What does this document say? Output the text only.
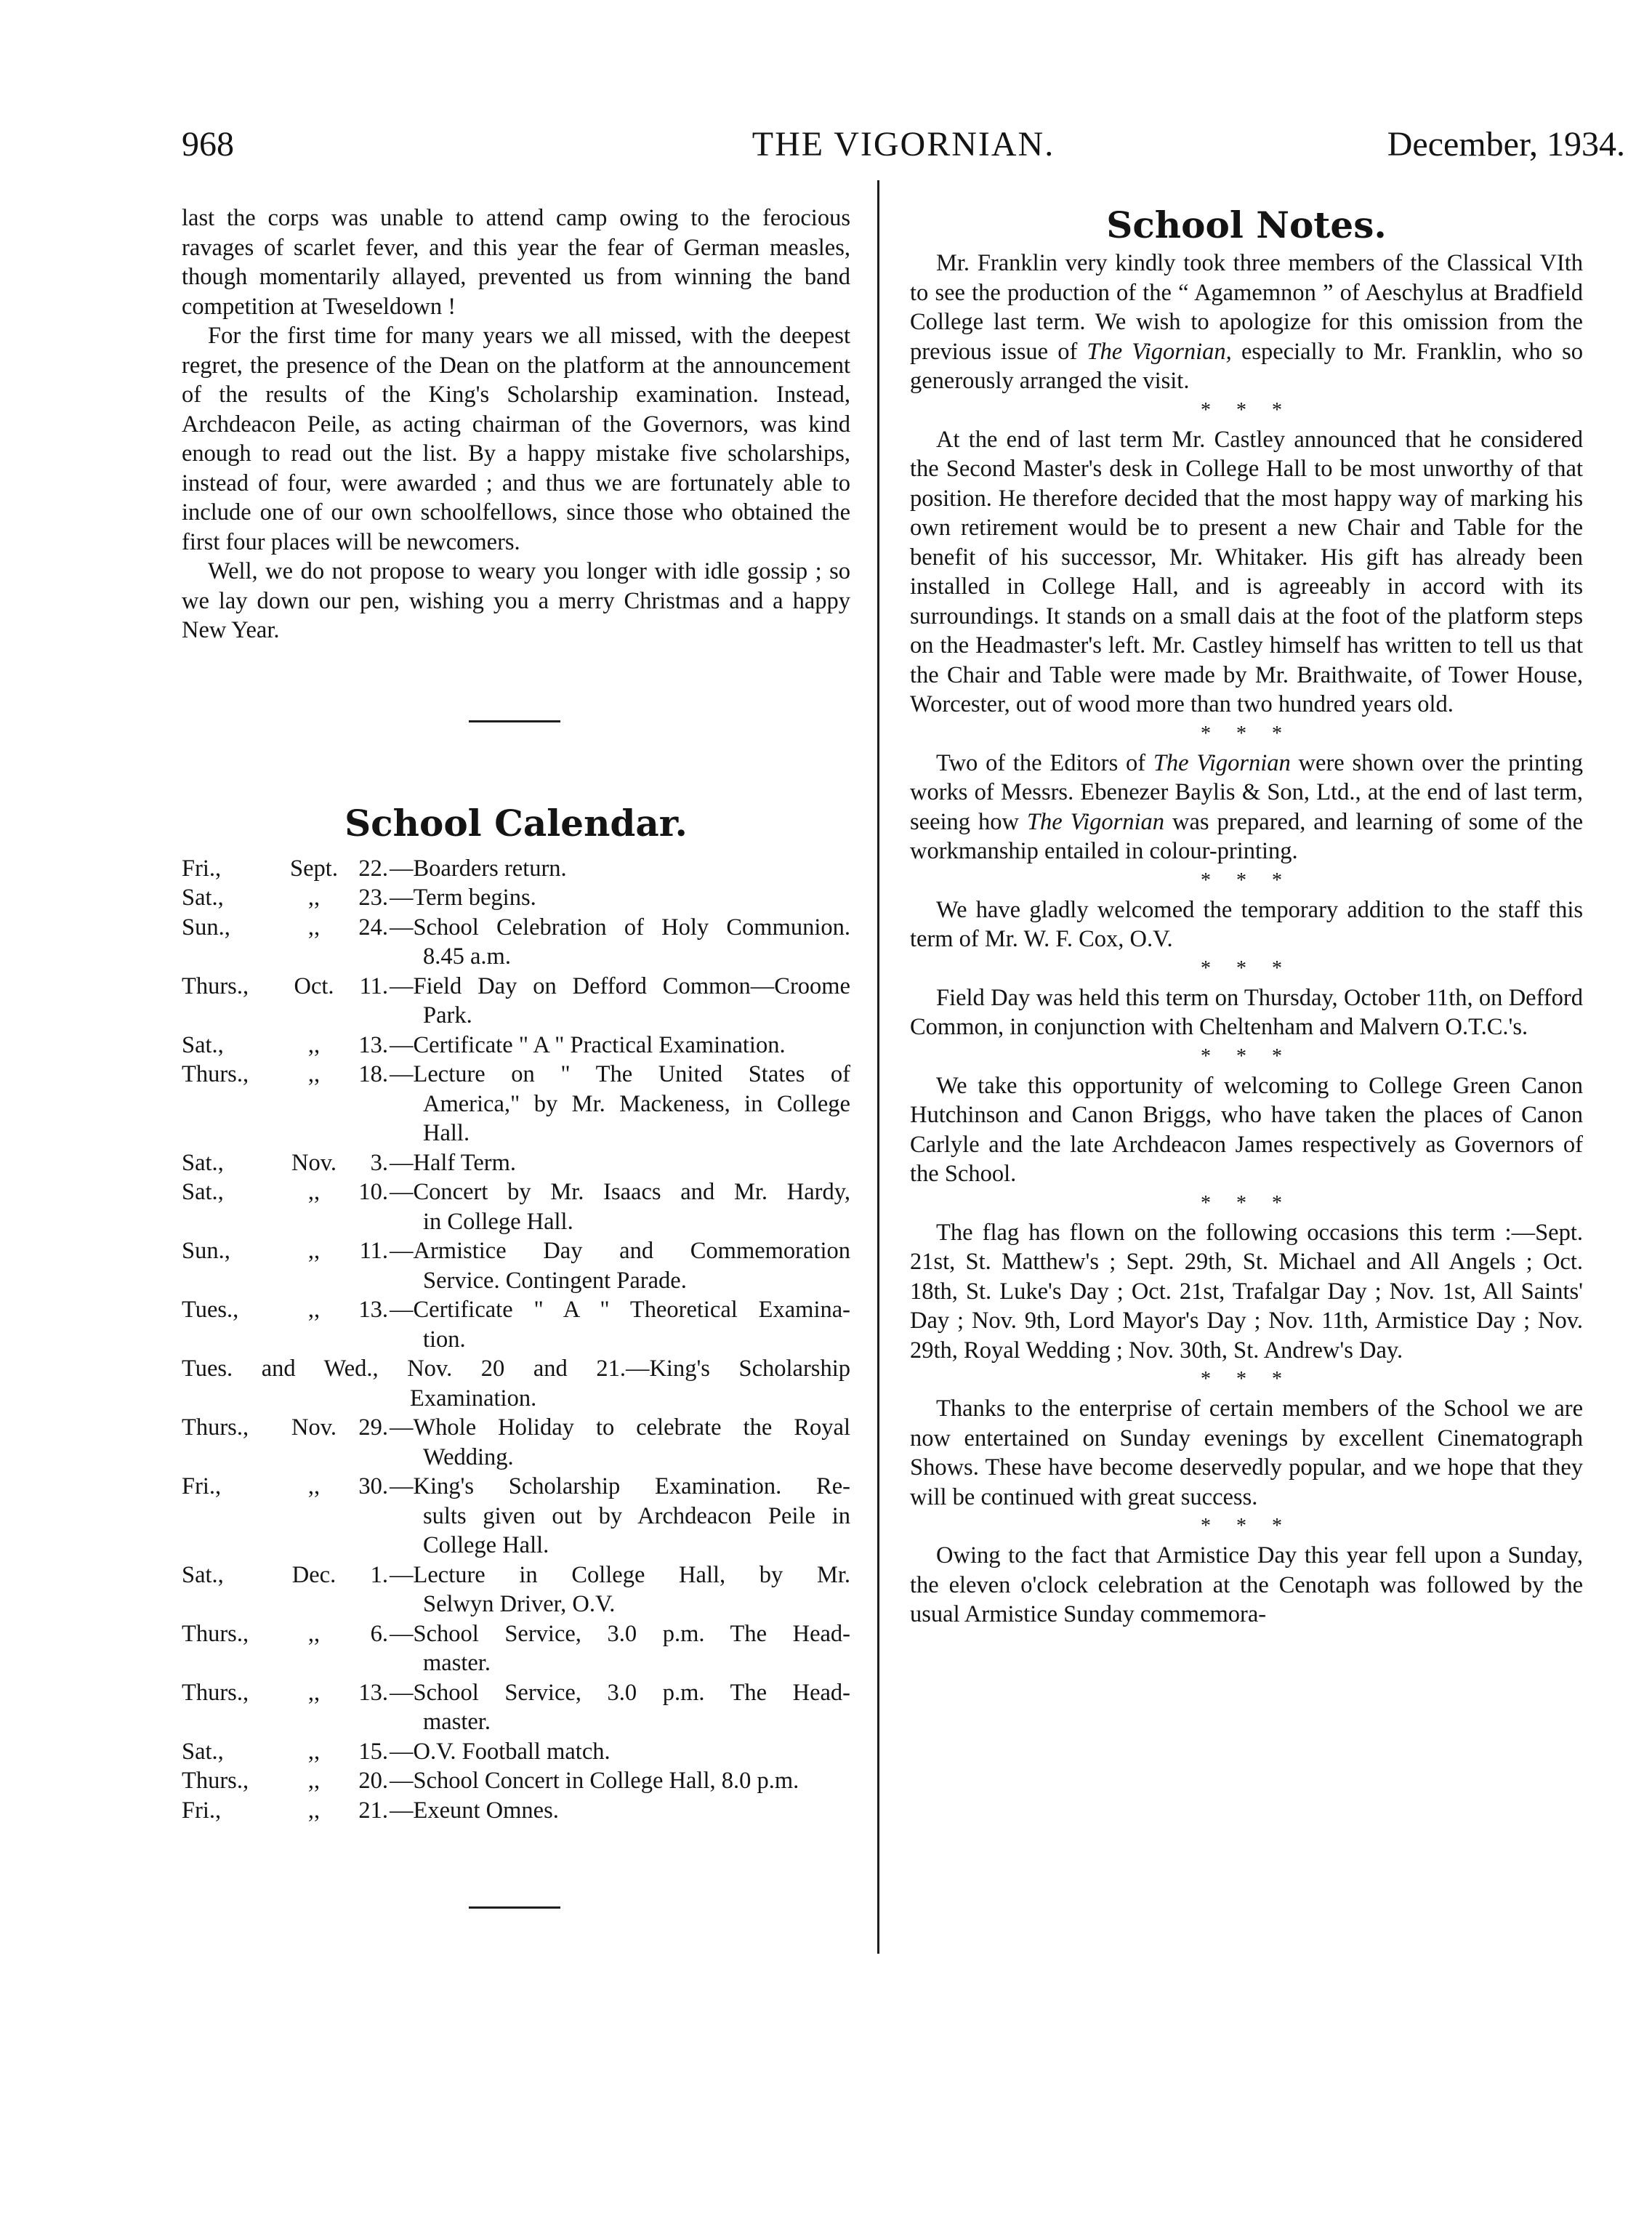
968	THE VIGORNIAN.	December, 1934.

last the corps was unable to attend camp owing to the ferocious ravages of scarlet fever, and this year the fear of German measles, though momentarily allayed, prevented us from winning the band competition at Tweseldown !

For the first time for many years we all missed, with the deepest regret, the presence of the Dean on the platform at the announcement of the results of the King's Scholarship examination. Instead, Archdeacon Peile, as acting chairman of the Governors, was kind enough to read out the list. By a happy mistake five scholarships, instead of four, were awarded ; and thus we are fortunately able to include one of our own schoolfellows, since those who obtained the first four places will be newcomers.

Well, we do not propose to weary you longer with idle gossip ; so we lay down our pen, wishing you a merry Christmas and a happy New Year.

School Calendar.
Fri.,	Sept. 22. —Boarders return.
Sat.,	,,	23. —Term begins.
Sun.,	,,	24. —School Celebration of Holy Communion.
8.45 a.m.
Thurs.,	Oct.	11. —Field Day on Defford Common—Croome
Park.
Sat.,	,,	13. —Certificate " A " Practical Examination.
Thurs.,	,,	18. —Lecture on " The United States of
America," by Mr. Mackeness, in College Hall.
Sat.,	Nov.	3. —Half Term.
Sat.,	,,	10. —Concert by Mr. Isaacs and Mr. Hardy,
in College Hall.
Sun.,	,,	11. —Armistice Day and Commemoration
Service. Contingent Parade.
Tues.,	,,	13. —Certificate " A " Theoretical Examina-
tion.
Tues. and Wed., Nov. 20 and 21.—King's Scholarship
Examination.
Thurs.,	Nov. 29. —Whole Holiday to celebrate the Royal
Wedding.
Fri.,	,,	30. —King's Scholarship Examination. Re-
sults given out by Archdeacon Peile in College Hall.
Sat.,	Dec.	1. —Lecture in College Hall, by Mr.
Selwyn Driver, O.V.
Thurs.,	,,	6. —School Service, 3.0 p.m. The Head-
master.
Thurs.,	,,	13. —School Service, 3.0 p.m. The Head-
master.
Sat.,	,,	15. —O.V. Football match.
Thurs.,	,,	20. —School Concert in College Hall, 8.0 p.m.
Fri.,	,,	21. —Exeunt Omnes.
School Notes.

Mr. Franklin very kindly took three members of the Classical VIth to see the production of the “ Agamemnon ” of Aeschylus at Bradfield College last term. We wish to apologize for this omission from the previous issue of The Vigornian, especially to Mr. Franklin, who so generously arranged the visit.

* * *

At the end of last term Mr. Castley announced that he considered the Second Master's desk in College Hall to be most unworthy of that position. He therefore decided that the most happy way of marking his own retirement would be to present a new Chair and Table for the benefit of his successor, Mr. Whitaker. His gift has already been installed in College Hall, and is agreeably in accord with its surroundings. It stands on a small dais at the foot of the platform steps on the Headmaster's left. Mr. Castley himself has written to tell us that the Chair and Table were made by Mr. Braithwaite, of Tower House, Worcester, out of wood more than two hundred years old.

* * *

Two of the Editors of The Vigornian were shown over the printing works of Messrs. Ebenezer Baylis & Son, Ltd., at the end of last term, seeing how The Vigornian was prepared, and learning of some of the workmanship entailed in colour-printing.

* * *

We have gladly welcomed the temporary addition to the staff this term of Mr. W. F. Cox, O.V.

* * *

Field Day was held this term on Thursday, October 11th, on Defford Common, in conjunction with Cheltenham and Malvern O.T.C.'s.

* * *

We take this opportunity of welcoming to College Green Canon Hutchinson and Canon Briggs, who have taken the places of Canon Carlyle and the late Archdeacon James respectively as Governors of the School.

* * *

The flag has flown on the following occasions this term :—Sept. 21st, St. Matthew's ; Sept. 29th, St. Michael and All Angels ; Oct. 18th, St. Luke's Day ; Oct. 21st, Trafalgar Day ; Nov. 1st, All Saints' Day ; Nov. 9th, Lord Mayor's Day ; Nov. 11th, Armistice Day ; Nov. 29th, Royal Wedding ; Nov. 30th, St. Andrew's Day.

* * *

Thanks to the enterprise of certain members of the School we are now entertained on Sunday evenings by excellent Cinematograph Shows. These have become deservedly popular, and we hope that they will be continued with great success.

* * *

Owing to the fact that Armistice Day this year fell upon a Sunday, the eleven o'clock celebration at the Cenotaph was followed by the usual Armistice Sunday commemora-
